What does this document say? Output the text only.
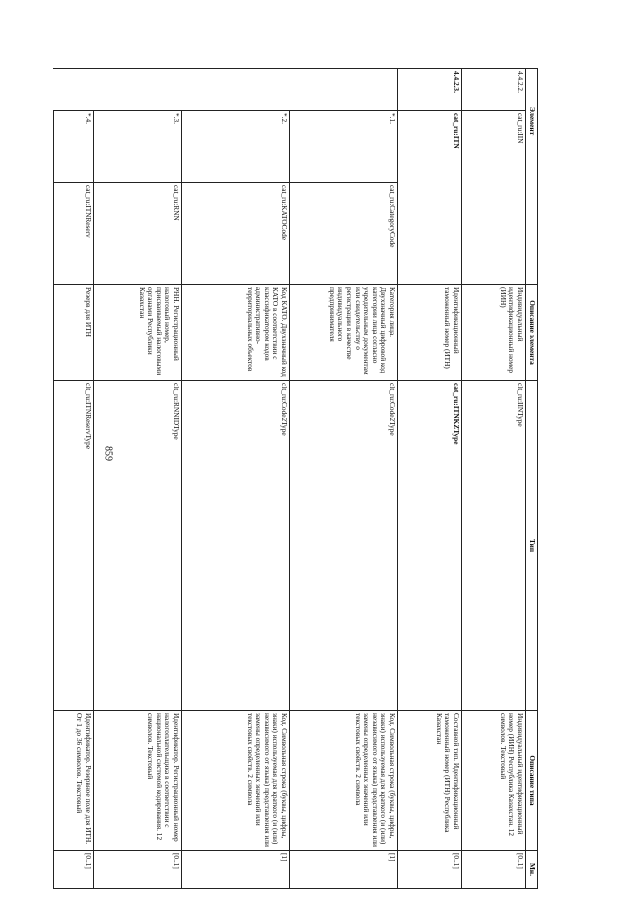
859
Элемент			Описание элемента	Тип	Описание типа	Мн.
4.4.2.2.	cat_ru:IIN		Индивидуальный идентификационный номер (ИИН)	clt_ru:IINType	Индивидуальный идентификационный номер (ИИН) Республика Казахстан. 12 символов. Текстовый	[0..1]
4.4.2.3.	cat_ru:ITN		Идентификационный таможенный номер (ИТН)	cat_ru:ITNKZType	Составной тип. Идентификационный таможенный номер (ИТН) Республика Казахстан	[0..1]
	*.1.	cat_ru:CategoryCode	Категория лица. Двухзначный цифровой код категории лица согласно учредительным документам или свидетельству о регистрации в качестве индивидуального предпринимателя	clt_ru:Code2Type	Код. Символьная строка (буквы, цифры, знаки) используемая для краткого (и (или) независимого от языка) представления или замены определенных значений или текстовых свойств. 2 символа	[1]
	*.2.	cat_ru:KATOCode	Код КАТО. Двухзначный код КАТО в соответствии с классификатором кодов административно-территориальных объектов	clt_ru:Code2Type	Код. Символьная строка (буквы, цифры, знаки) используемая для краткого (и (или) независимого от языка) представления или замены определенных значений или текстовых свойств. 2 символа	[1]
	*.3.	cat_ru:RNN	РНН. Регистрационный налоговый номер, присваиваемый налоговыми органами Республики Казахстан	clt_ru:RNNIDType	Идентификатор. Регистрационный номер налогоплательщика в соответствии с национальной системой кодирования. 12 символов. Текстовый	[0..1]
	*.4.	cat_ru:ITNReserv	Резерв для ИТН	clt_ru:ITNReservType	Идентификатор. Резервное поле для ИТН. От 1 до 36 символов. Текстовый	[0..1]
